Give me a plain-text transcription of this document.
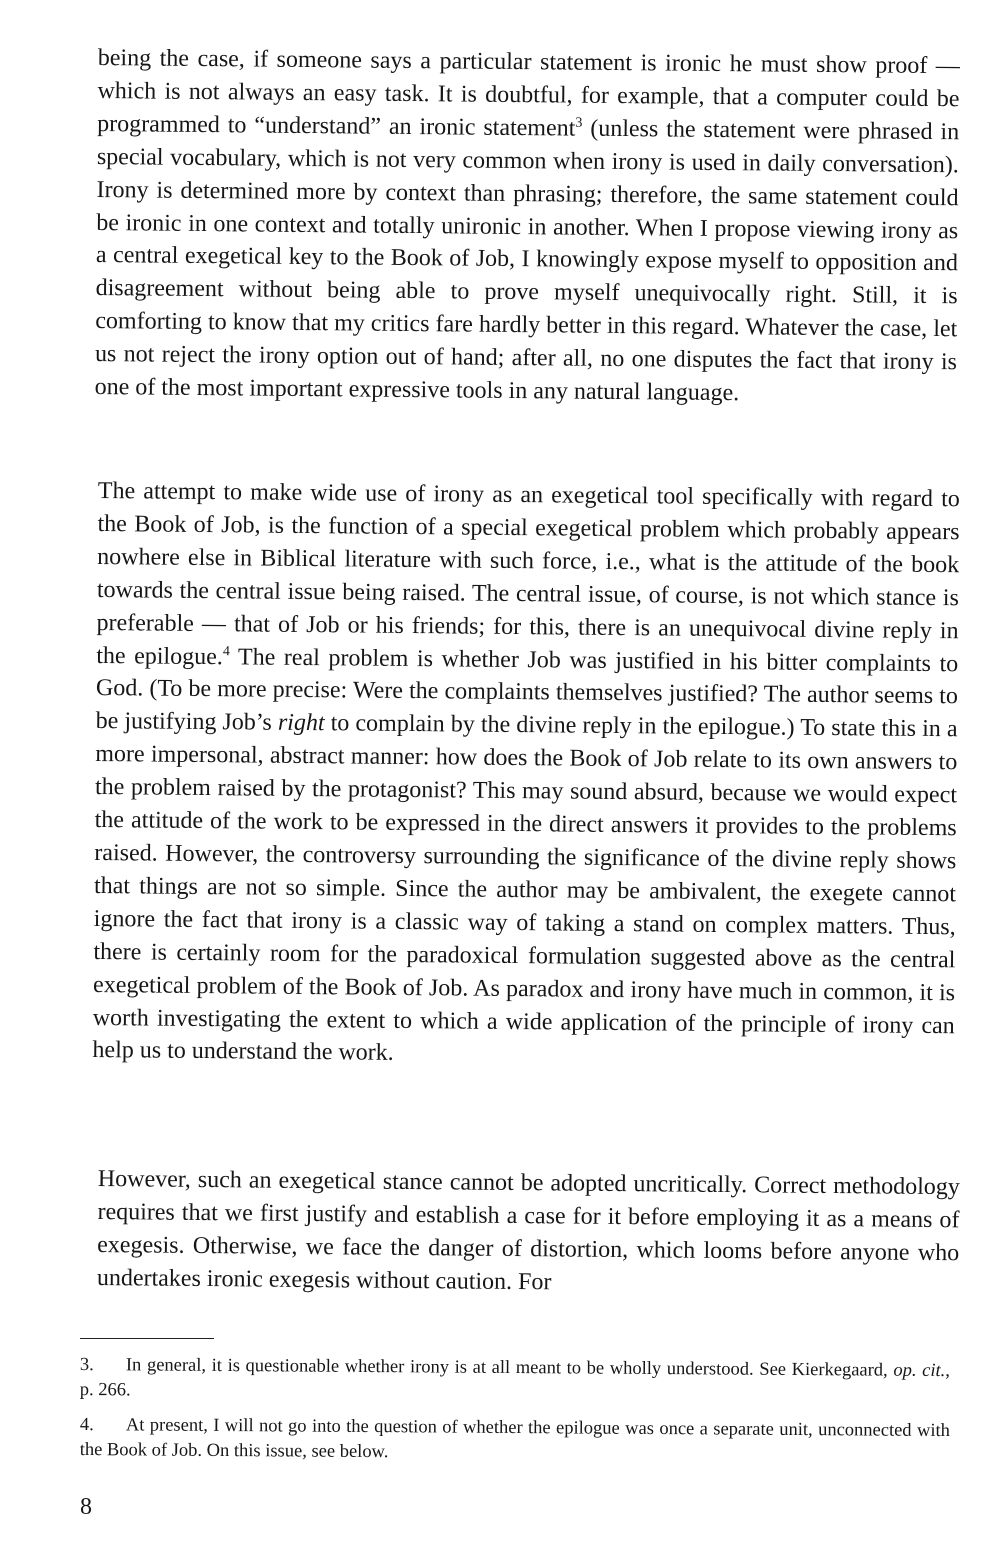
being the case, if someone says a particular statement is ironic he must show proof — which is not always an easy task. It is doubtful, for example, that a computer could be programmed to “understand” an ironic statement$^3$ (unless the statement were phrased in special vocabulary, which is not very common when irony is used in daily conversation). Irony is determined more by context than phrasing; therefore, the same statement could be ironic in one context and totally unironic in another. When I propose viewing irony as a central exegetical key to the Book of Job, I knowingly expose myself to opposition and disagreement without being able to prove myself unequivocally right. Still, it is comforting to know that my critics fare hardly better in this regard. Whatever the case, let us not reject the irony option out of hand; after all, no one disputes the fact that irony is one of the most important expressive tools in any natural language.

The attempt to make wide use of irony as an exegetical tool specifically with regard to the Book of Job, is the function of a special exegetical problem which probably appears nowhere else in Biblical literature with such force, i.e., what is the attitude of the book towards the central issue being raised. The central issue, of course, is not which stance is preferable — that of Job or his friends; for this, there is an unequivocal divine reply in the epilogue.$^4$ The real problem is whether Job was justified in his bitter complaints to God. (To be more precise: Were the complaints themselves justified? The author seems to be justifying Job’s right to complain by the divine reply in the epilogue.) To state this in a more impersonal, abstract manner: how does the Book of Job relate to its own answers to the problem raised by the protagonist? This may sound absurd, because we would expect the attitude of the work to be expressed in the direct answers it provides to the problems raised. However, the controversy surrounding the significance of the divine reply shows that things are not so simple. Since the author may be ambivalent, the exegete cannot ignore the fact that irony is a classic way of taking a stand on complex matters. Thus, there is certainly room for the paradoxical formulation suggested above as the central exegetical problem of the Book of Job. As paradox and irony have much in common, it is worth investigating the extent to which a wide application of the principle of irony can help us to understand the work.

However, such an exegetical stance cannot be adopted uncritically. Correct methodology requires that we first justify and establish a case for it before employing it as a means of exegesis. Otherwise, we face the danger of distortion, which looms before anyone who undertakes ironic exegesis without caution. For

3. In general, it is questionable whether irony is at all meant to be wholly understood. See Kierkegaard, op. cit., p. 266.

4. At present, I will not go into the question of whether the epilogue was once a separate unit, unconnected with the Book of Job. On this issue, see below.

8
